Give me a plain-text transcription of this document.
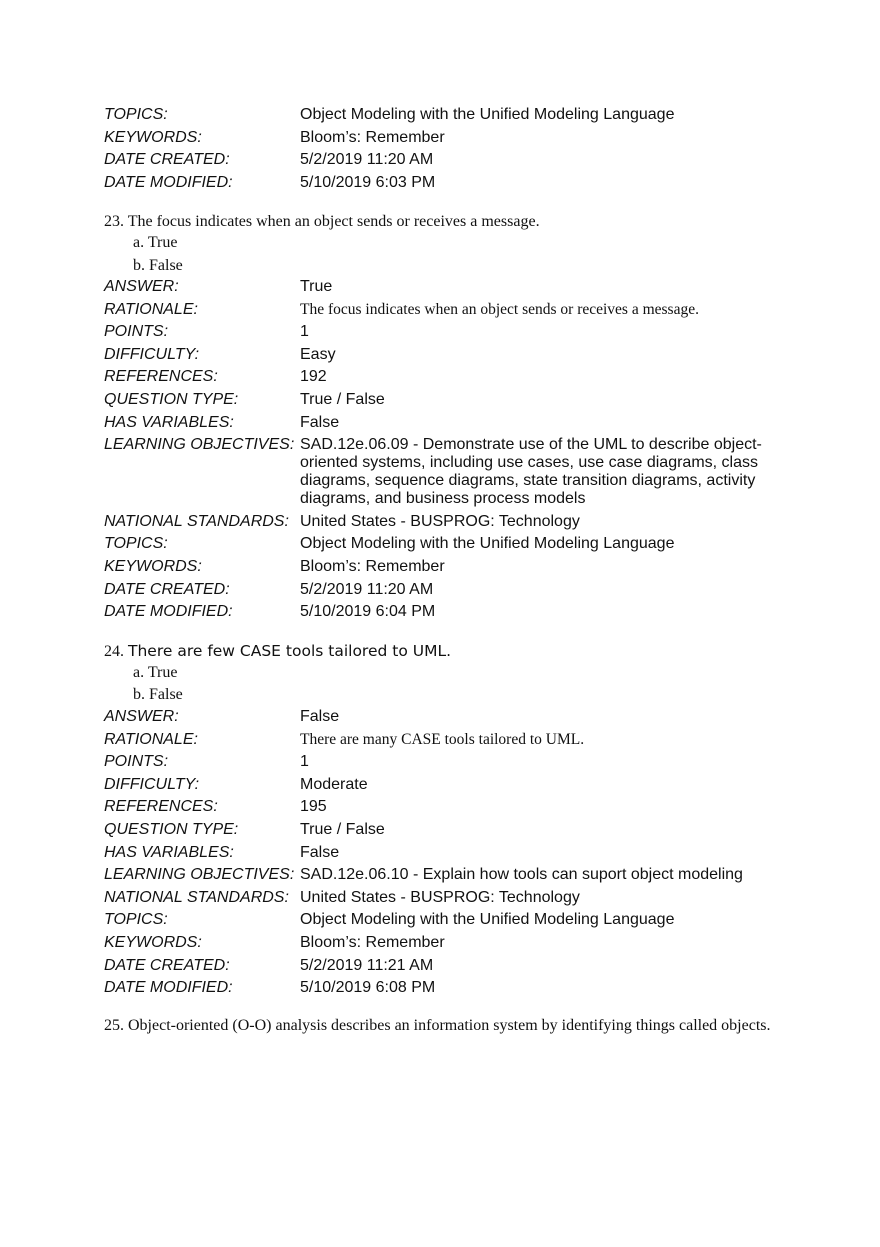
TOPICS:	Object Modeling with the Unified Modeling Language
KEYWORDS:	Bloom’s: Remember
DATE CREATED:	5/2/2019 11:20 AM
DATE MODIFIED:	5/10/2019 6:03 PM
23. The focus indicates when an object sends or receives a message.
a. True
b. False
ANSWER:	True
RATIONALE:	The focus indicates when an object sends or receives a message.
POINTS:	1
DIFFICULTY:	Easy
REFERENCES:	192
QUESTION TYPE:	True / False
HAS VARIABLES:	False
LEARNING OBJECTIVES: SAD.12e.06.09 - Demonstrate use of the UML to describe object-oriented systems, including use cases, use case diagrams, class diagrams, sequence diagrams, state transition diagrams, activity diagrams, and business process models
NATIONAL STANDARDS: United States - BUSPROG: Technology
TOPICS:	Object Modeling with the Unified Modeling Language
KEYWORDS:	Bloom’s: Remember
DATE CREATED:	5/2/2019 11:20 AM
DATE MODIFIED:	5/10/2019 6:04 PM
24. There are few CASE tools tailored to UML.
a. True
b. False
ANSWER:	False
RATIONALE:	There are many CASE tools tailored to UML.
POINTS:	1
DIFFICULTY:	Moderate
REFERENCES:	195
QUESTION TYPE:	True / False
HAS VARIABLES:	False
LEARNING OBJECTIVES: SAD.12e.06.10 - Explain how tools can suport object modeling
NATIONAL STANDARDS: United States - BUSPROG: Technology
TOPICS:	Object Modeling with the Unified Modeling Language
KEYWORDS:	Bloom’s: Remember
DATE CREATED:	5/2/2019 11:21 AM
DATE MODIFIED:	5/10/2019 6:08 PM
25. Object-oriented (O-O) analysis describes an information system by identifying things called objects.
